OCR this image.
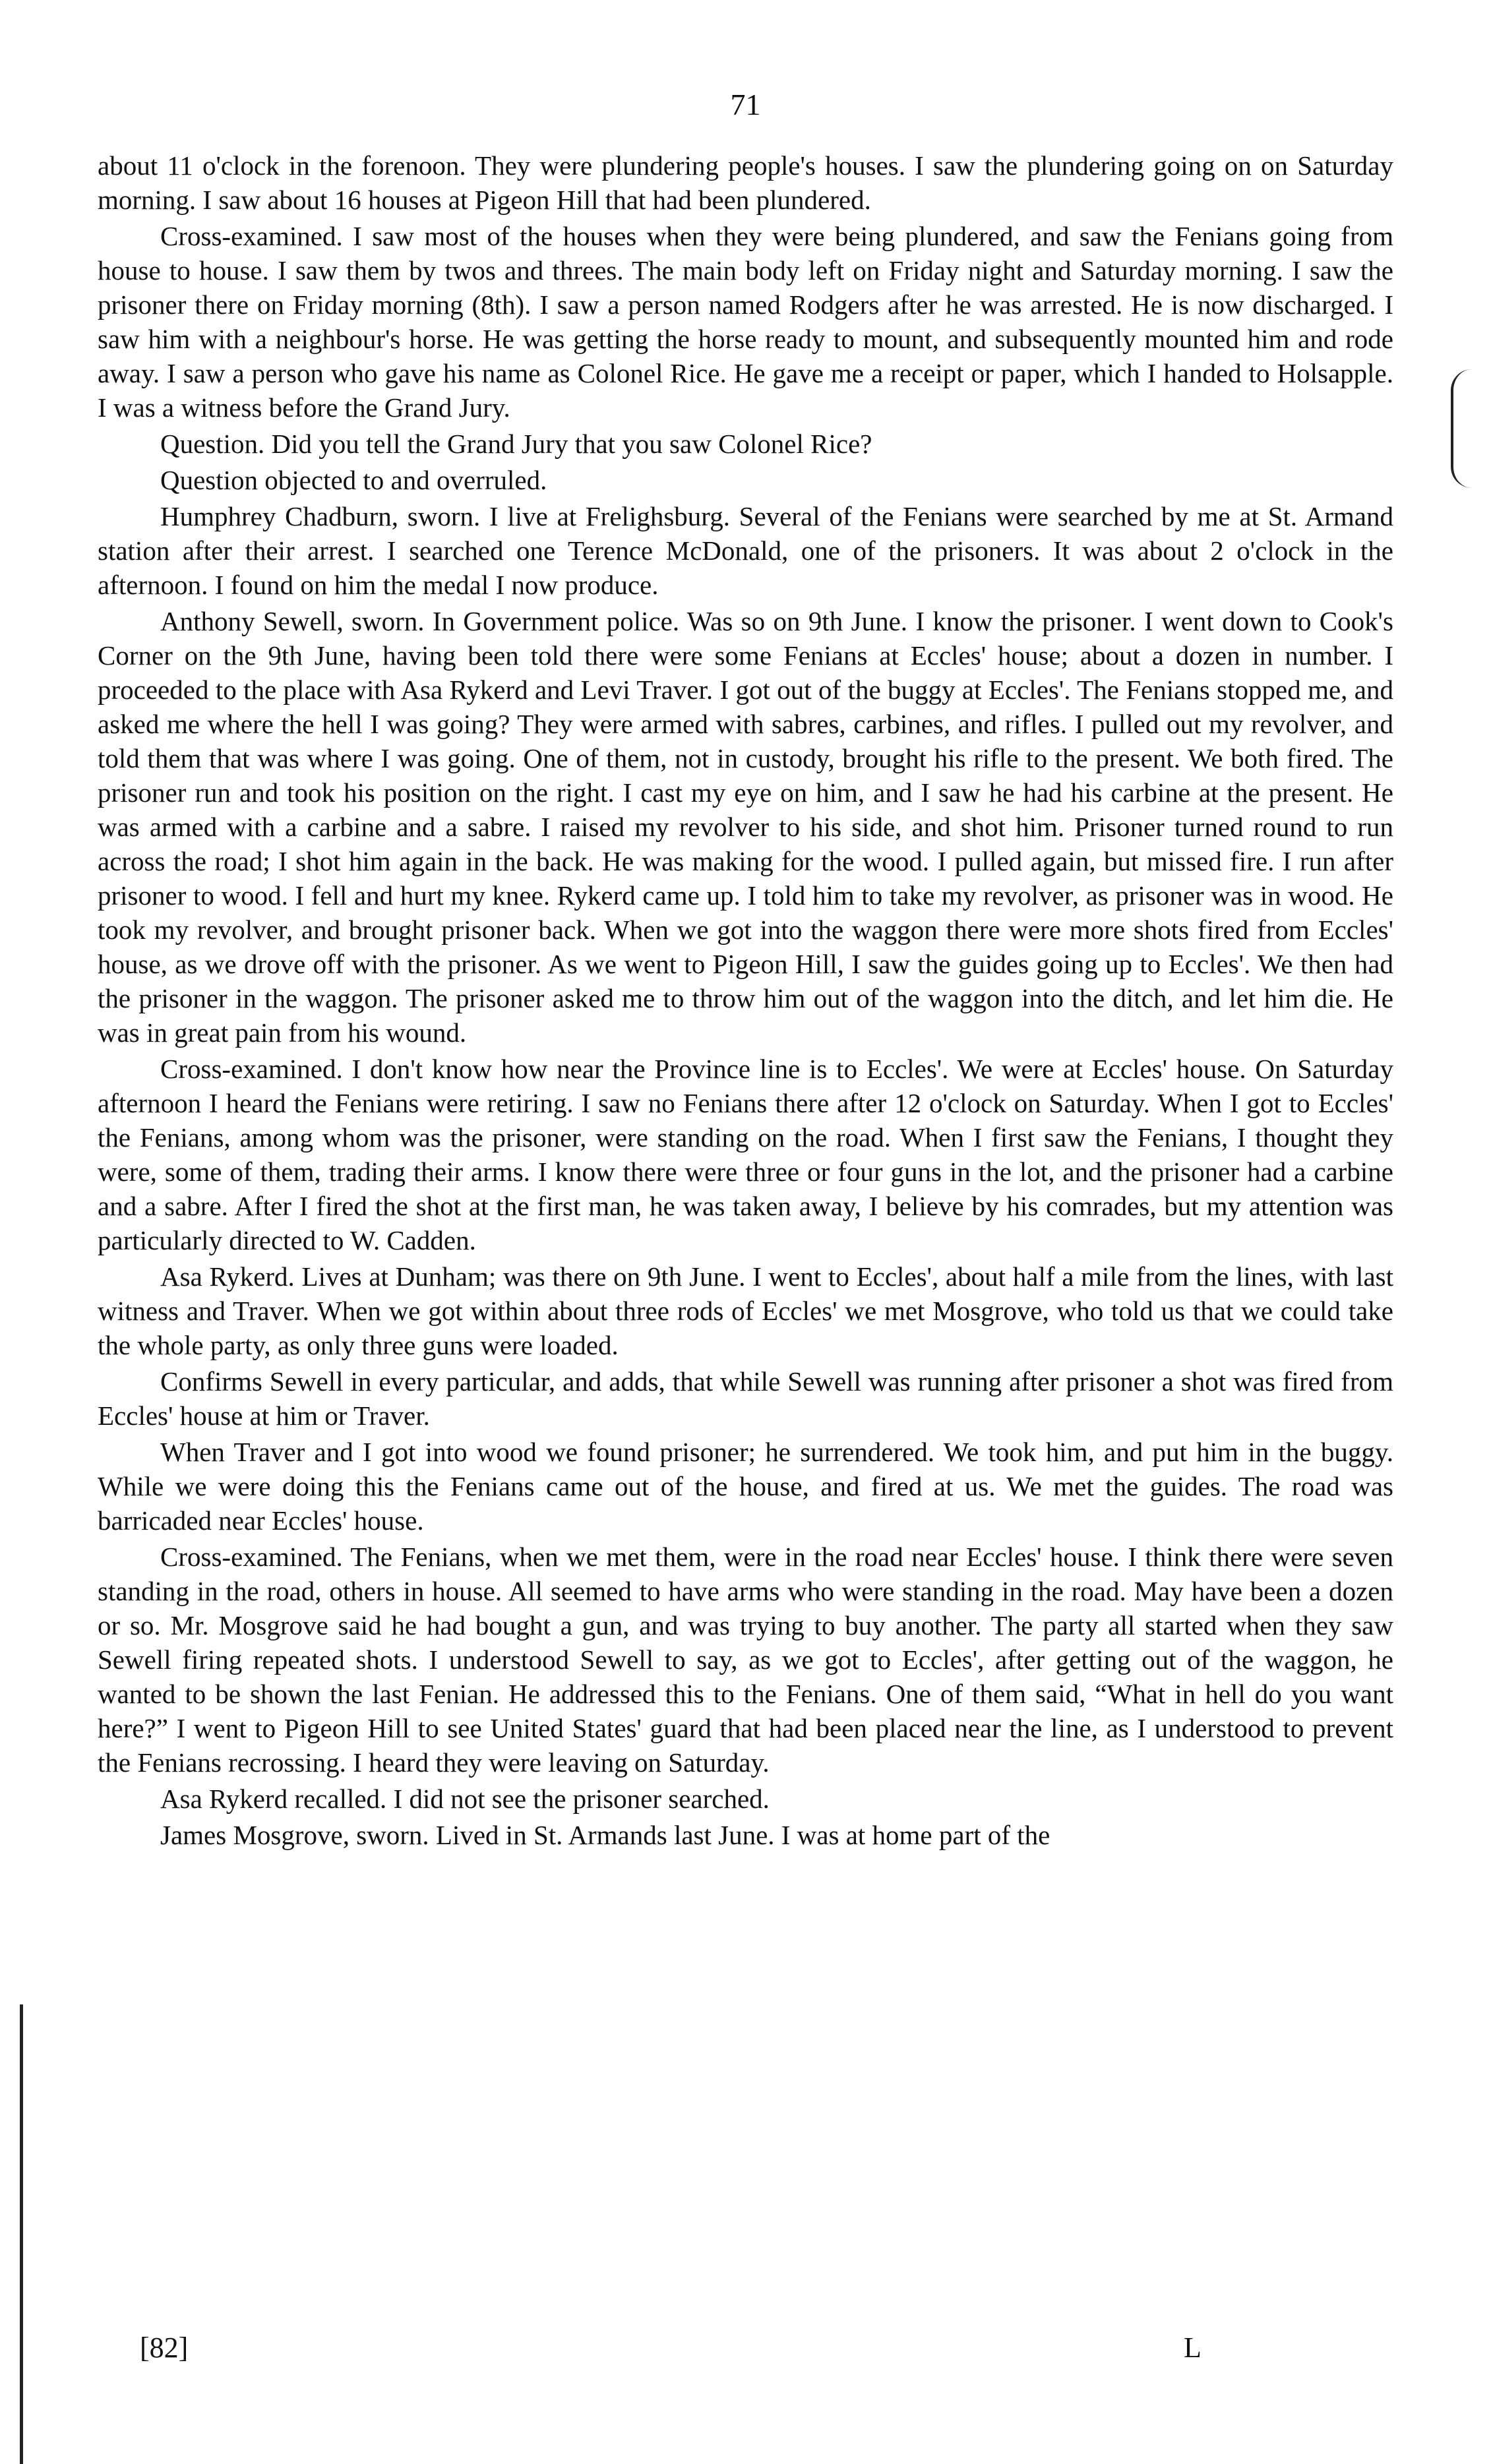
71

about 11 o'clock in the forenoon. They were plundering people's houses. I saw the plundering going on on Saturday morning. I saw about 16 houses at Pigeon Hill that had been plundered.

Cross-examined. I saw most of the houses when they were being plundered, and saw the Fenians going from house to house. I saw them by twos and threes. The main body left on Friday night and Saturday morning. I saw the prisoner there on Friday morning (8th). I saw a person named Rodgers after he was arrested. He is now discharged. I saw him with a neighbour's horse. He was getting the horse ready to mount, and subsequently mounted him and rode away. I saw a person who gave his name as Colonel Rice. He gave me a receipt or paper, which I handed to Holsapple. I was a witness before the Grand Jury.

Question. Did you tell the Grand Jury that you saw Colonel Rice?

Question objected to and overruled.

Humphrey Chadburn, sworn. I live at Frelighsburg. Several of the Fenians were searched by me at St. Armand station after their arrest. I searched one Terence McDonald, one of the prisoners. It was about 2 o'clock in the afternoon. I found on him the medal I now produce.

Anthony Sewell, sworn. In Government police. Was so on 9th June. I know the prisoner. I went down to Cook's Corner on the 9th June, having been told there were some Fenians at Eccles' house; about a dozen in number. I proceeded to the place with Asa Rykerd and Levi Traver. I got out of the buggy at Eccles'. The Fenians stopped me, and asked me where the hell I was going? They were armed with sabres, carbines, and rifles. I pulled out my revolver, and told them that was where I was going. One of them, not in custody, brought his rifle to the present. We both fired. The prisoner run and took his position on the right. I cast my eye on him, and I saw he had his carbine at the present. He was armed with a carbine and a sabre. I raised my revolver to his side, and shot him. Prisoner turned round to run across the road; I shot him again in the back. He was making for the wood. I pulled again, but missed fire. I run after prisoner to wood. I fell and hurt my knee. Rykerd came up. I told him to take my revolver, as prisoner was in wood. He took my revolver, and brought prisoner back. When we got into the waggon there were more shots fired from Eccles' house, as we drove off with the prisoner. As we went to Pigeon Hill, I saw the guides going up to Eccles'. We then had the prisoner in the waggon. The prisoner asked me to throw him out of the waggon into the ditch, and let him die. He was in great pain from his wound.

Cross-examined. I don't know how near the Province line is to Eccles'. We were at Eccles' house. On Saturday afternoon I heard the Fenians were retiring. I saw no Fenians there after 12 o'clock on Saturday. When I got to Eccles' the Fenians, among whom was the prisoner, were standing on the road. When I first saw the Fenians, I thought they were, some of them, trading their arms. I know there were three or four guns in the lot, and the prisoner had a carbine and a sabre. After I fired the shot at the first man, he was taken away, I believe by his comrades, but my attention was particularly directed to W. Cadden.

Asa Rykerd. Lives at Dunham; was there on 9th June. I went to Eccles', about half a mile from the lines, with last witness and Traver. When we got within about three rods of Eccles' we met Mosgrove, who told us that we could take the whole party, as only three guns were loaded.

Confirms Sewell in every particular, and adds, that while Sewell was running after prisoner a shot was fired from Eccles' house at him or Traver.

When Traver and I got into wood we found prisoner; he surrendered. We took him, and put him in the buggy. While we were doing this the Fenians came out of the house, and fired at us. We met the guides. The road was barricaded near Eccles' house.

Cross-examined. The Fenians, when we met them, were in the road near Eccles' house. I think there were seven standing in the road, others in house. All seemed to have arms who were standing in the road. May have been a dozen or so. Mr. Mosgrove said he had bought a gun, and was trying to buy another. The party all started when they saw Sewell firing repeated shots. I understood Sewell to say, as we got to Eccles', after getting out of the waggon, he wanted to be shown the last Fenian. He addressed this to the Fenians. One of them said, “What in hell do you want here?” I went to Pigeon Hill to see United States' guard that had been placed near the line, as I understood to prevent the Fenians recrossing. I heard they were leaving on Saturday.

Asa Rykerd recalled. I did not see the prisoner searched.

James Mosgrove, sworn. Lived in St. Armands last June. I was at home part of the

[82]	L
